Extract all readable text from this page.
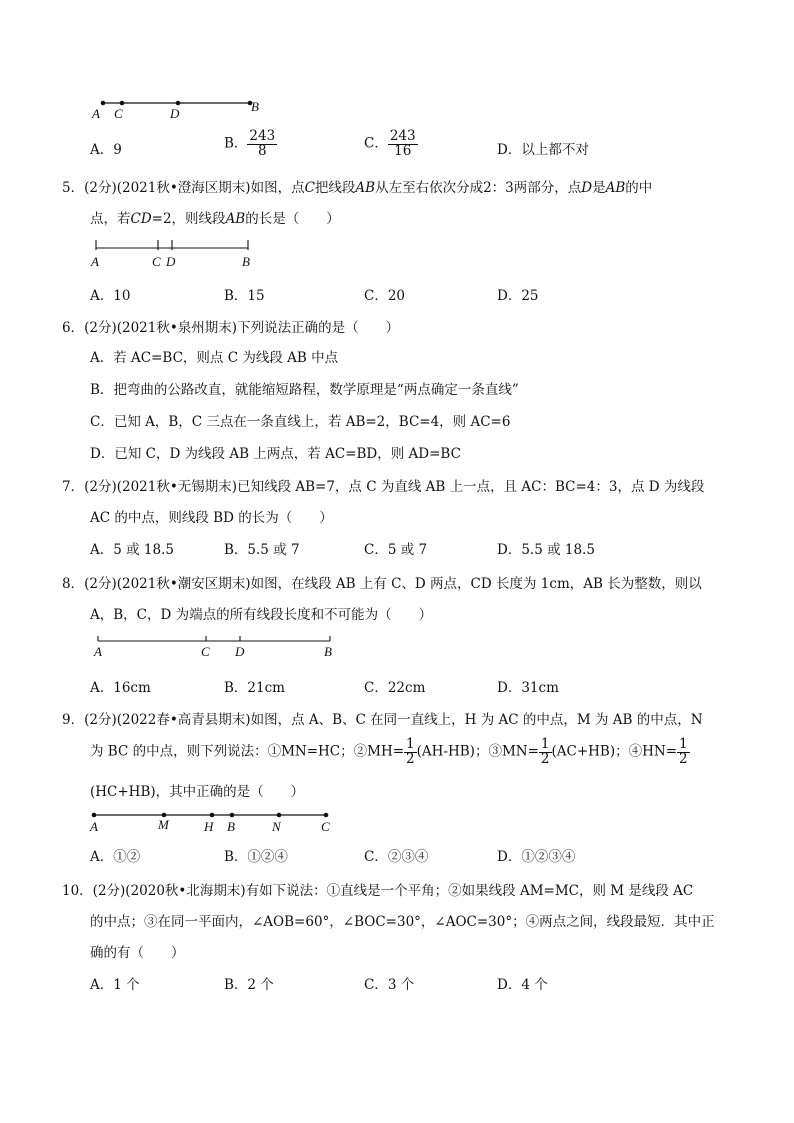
A C	D	B
A．9	B． $\frac{243}{8}$	C． $\frac{243}{16}$	D．以上都不对
5．(2分)(2021秋•澄海区期末)如图，点C把线段AB从左至右依次分成2：3两部分，点D是AB的中
点，若CD=2，则线段AB的长是（　　）
A	C D	B
A．10	B．15	C．20	D．25
6．(2分)(2021秋•泉州期末)下列说法正确的是（　　）
A．若 AC=BC，则点 C 为线段 AB 中点
B．把弯曲的公路改直，就能缩短路程，数学原理是“两点确定一条直线”
C．已知 A，B，C 三点在一条直线上，若 AB=2，BC=4，则 AC=6
D．已知 C，D 为线段 AB 上两点，若 AC=BD，则 AD=BC
7．(2分)(2021秋•无锡期末)已知线段 AB=7，点 C 为直线 AB 上一点，且 AC：BC=4：3，点 D 为线段
AC 的中点，则线段 BD 的长为（　　）
A．5 或 18.5	B．5.5 或 7	C．5 或 7	D．5.5 或 18.5
8．(2分)(2021秋•潮安区期末)如图，在线段 AB 上有 C、D 两点，CD 长度为 1cm，AB 长为整数，则以
A，B，C，D 为端点的所有线段长度和不可能为（　　）
A	C D	B
A．16cm	B．21cm	C．22cm	D．31cm
9．(2分)(2022春•高青县期末)如图，点 A、B、C 在同一直线上，H 为 AC 的中点，M 为 AB 的中点，N
为 BC 的中点，则下列说法：①MN=HC；②MH= $\frac{1}{2} (AH-HB)$；③MN= $\frac{1}{2} (AC+HB)$；④HN= $\frac{1}{2}$
(HC+HB)，其中正确的是（　　）
A	M	H B	N	C
A．①②	B．①②④	C．②③④	D．①②③④
10．(2分)(2020秋•北海期末)有如下说法：①直线是一个平角；②如果线段 AM=MC，则 M 是线段 AC
的中点；③在同一平面内，∠AOB=60°，∠BOC=30°，∠AOC=30°；④两点之间，线段最短．其中正
确的有（　　）
A．1 个	B．2 个	C．3 个	D．4 个
